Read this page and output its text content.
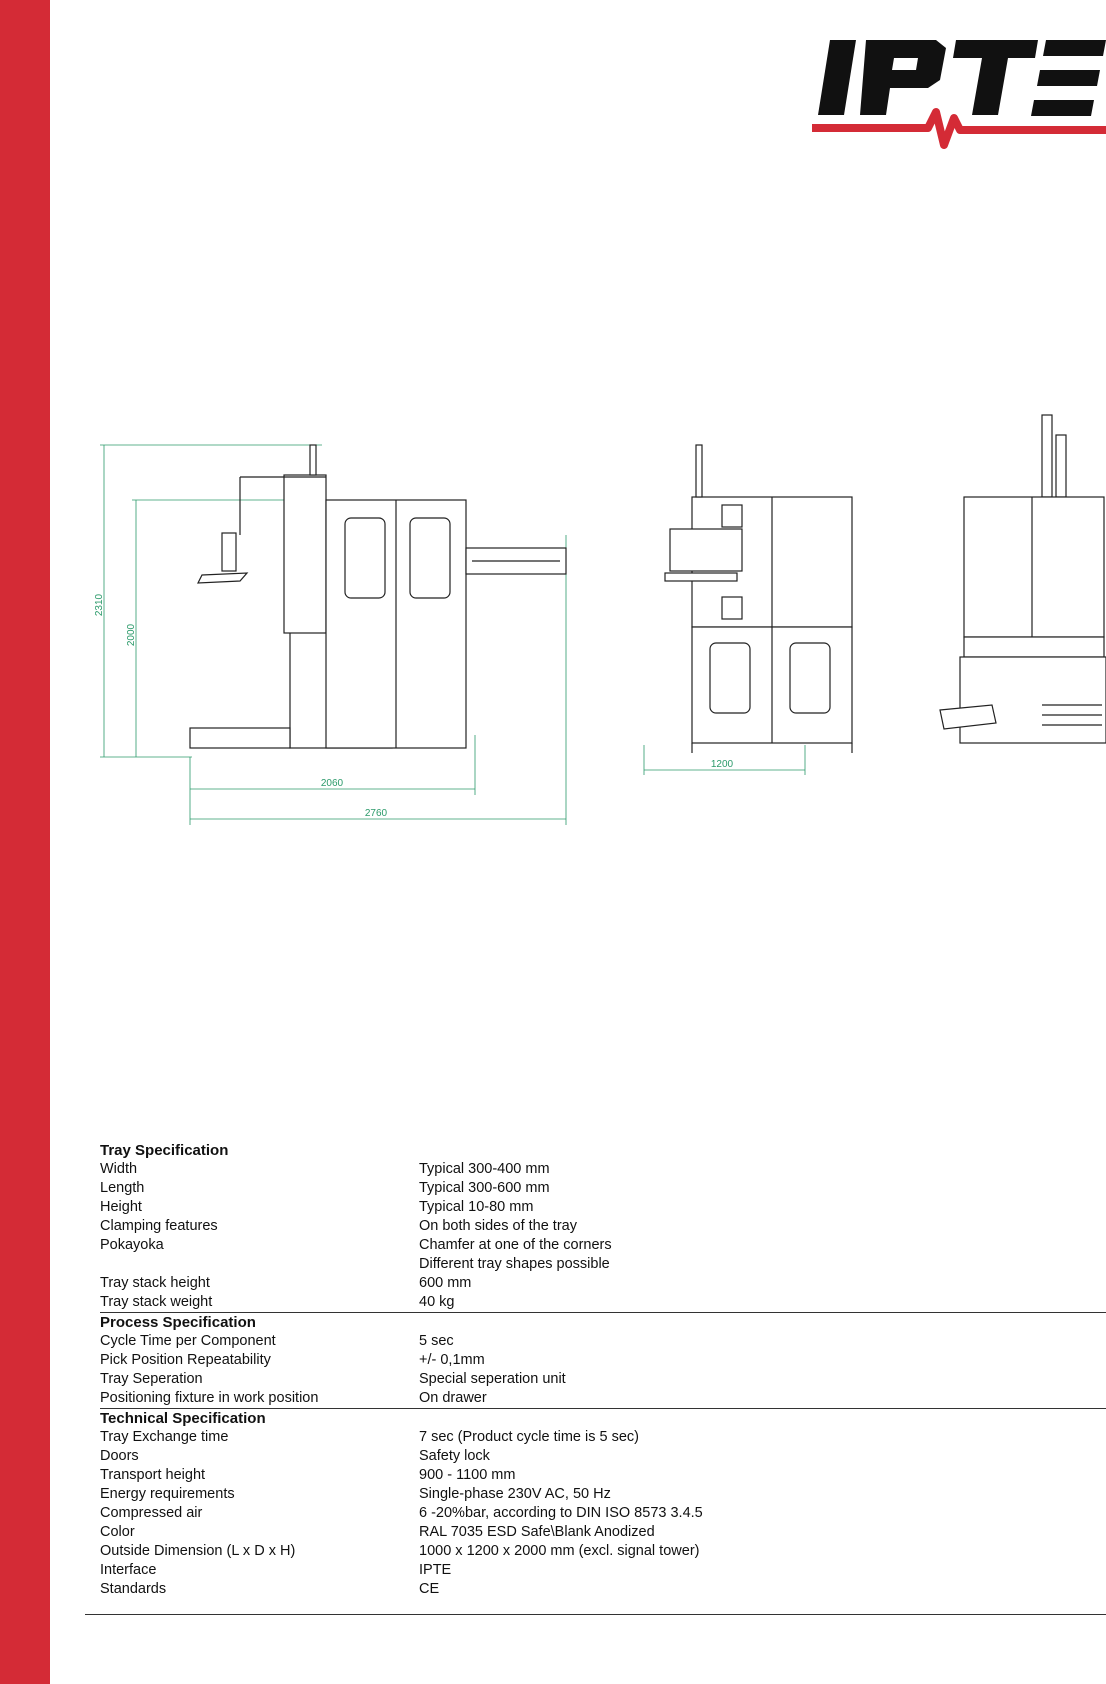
2310
2000
2060
2760
1200
Tray Specification
Width	Typical 300-400 mm
Length	Typical 300-600 mm
Height	Typical 10-80 mm
Clamping features	On both sides of the tray
Pokayoka	Chamfer at one of the corners
Different tray shapes possible
Tray stack height	600 mm
Tray stack weight	40 kg
Process Specification
Cycle Time per Component	5 sec
Pick Position Repeatability	+/- 0,1mm
Tray Seperation	Special seperation unit
Positioning fixture in work position	On drawer
Technical Specification
Tray Exchange time	7 sec (Product cycle time is 5 sec)
Doors	Safety lock
Transport height	900 - 1100 mm
Energy requirements	Single-phase 230V AC, 50 Hz
Compressed air	6 -20%bar, according to DIN ISO 8573 3.4.5
Color	RAL 7035 ESD Safe\Blank Anodized
Outside Dimension (L x D x H)	1000 x 1200 x 2000 mm (excl. signal tower)
Interface	IPTE
Standards	CE
